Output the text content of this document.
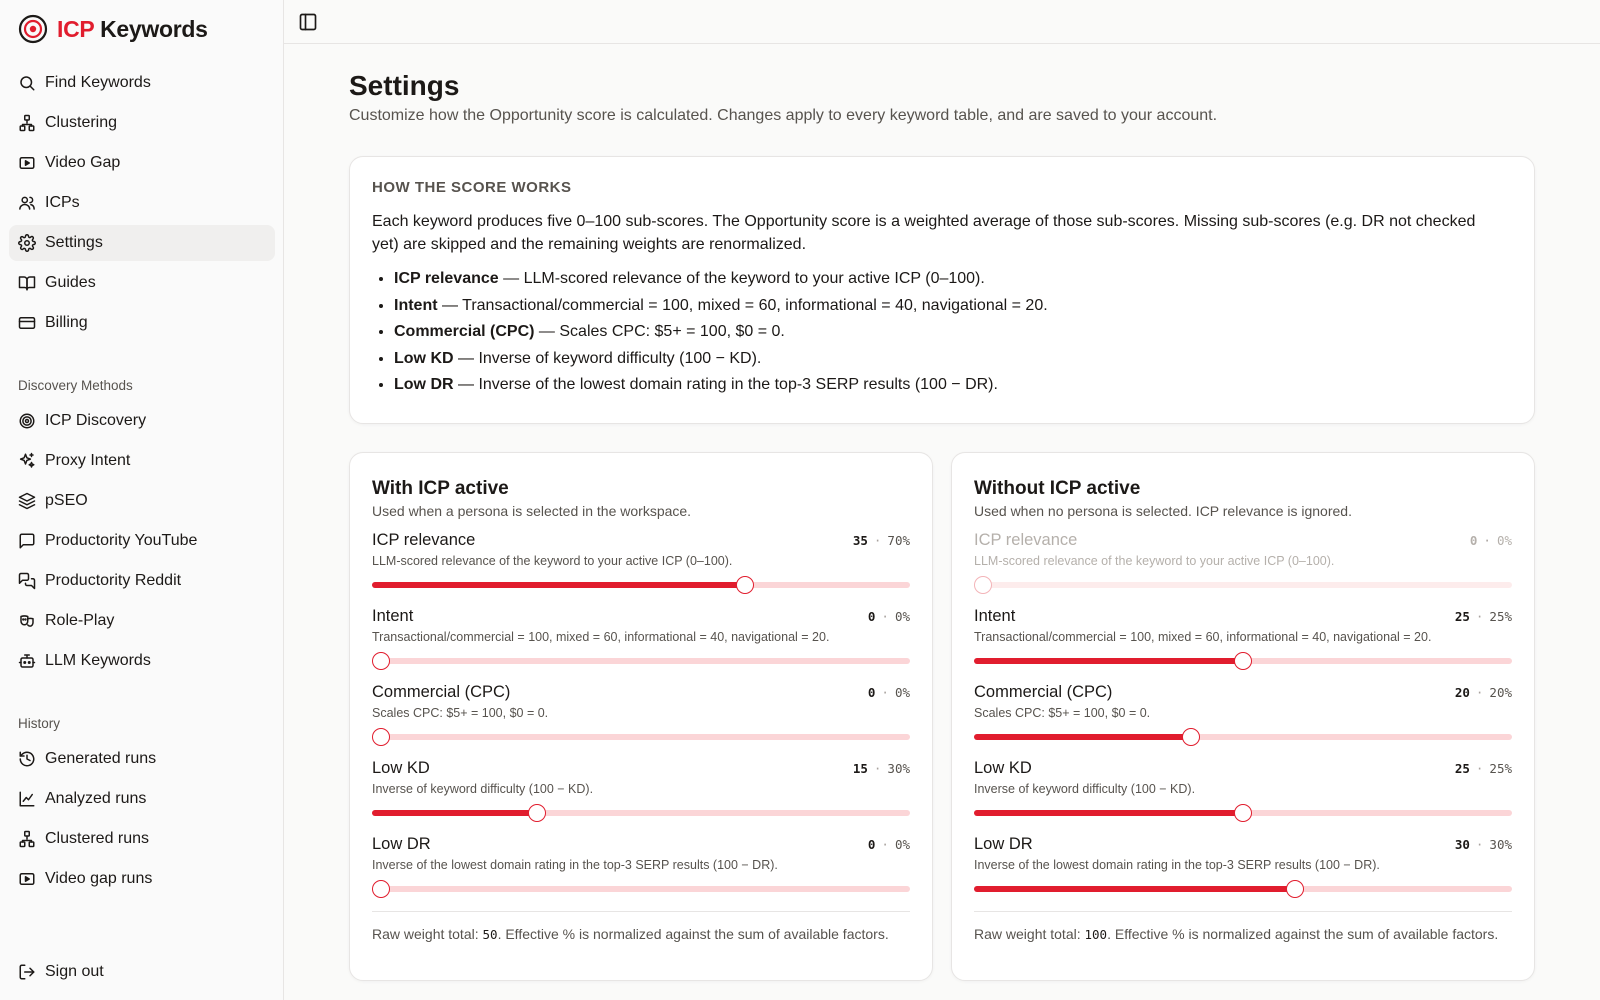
ICP Keywords
Find Keywords
Clustering
Video Gap
ICPs
Settings
Guides
Billing
Discovery Methods
ICP Discovery
Proxy Intent
pSEO
Productority YouTube
Productority Reddit
Role-Play
LLM Keywords
History
Generated runs
Analyzed runs
Clustered runs
Video gap runs
Sign out
Settings

Customize how the Opportunity score is calculated. Changes apply to every keyword table, and are saved to your account.

HOW THE SCORE WORKS

Each keyword produces five 0–100 sub-scores. The Opportunity score is a weighted average of those sub-scores. Missing sub-scores (e.g. DR not checked yet) are skipped and the remaining weights are renormalized.

• ICP relevance — LLM-scored relevance of the keyword to your active ICP (0–100).
• Intent — Transactional/commercial = 100, mixed = 60, informational = 40, navigational = 20.
• Commercial (CPC) — Scales CPC: $5+ = 100, $0 = 0.
• Low KD — Inverse of keyword difficulty (100 − KD).
• Low DR — Inverse of the lowest domain rating in the top-3 SERP results (100 − DR).
With ICP active
Used when a persona is selected in the workspace.
ICP relevance	35 · 70%
LLM-scored relevance of the keyword to your active ICP (0–100).
Intent	0 · 0%
Transactional/commercial = 100, mixed = 60, informational = 40, navigational = 20.
Commercial (CPC)	0 · 0%
Scales CPC: $5+ = 100, $0 = 0.
Low KD	15 · 30%
Inverse of keyword difficulty (100 − KD).
Low DR	0 · 0%
Inverse of the lowest domain rating in the top-3 SERP results (100 − DR).
Raw weight total: 50. Effective % is normalized against the sum of available factors.
Without ICP active
Used when no persona is selected. ICP relevance is ignored.
ICP relevance	0 · 0%
LLM-scored relevance of the keyword to your active ICP (0–100).
Intent	25 · 25%
Transactional/commercial = 100, mixed = 60, informational = 40, navigational = 20.
Commercial (CPC)	20 · 20%
Scales CPC: $5+ = 100, $0 = 0.
Low KD	25 · 25%
Inverse of keyword difficulty (100 − KD).
Low DR	30 · 30%
Inverse of the lowest domain rating in the top-3 SERP results (100 − DR).
Raw weight total: 100. Effective % is normalized against the sum of available factors.
